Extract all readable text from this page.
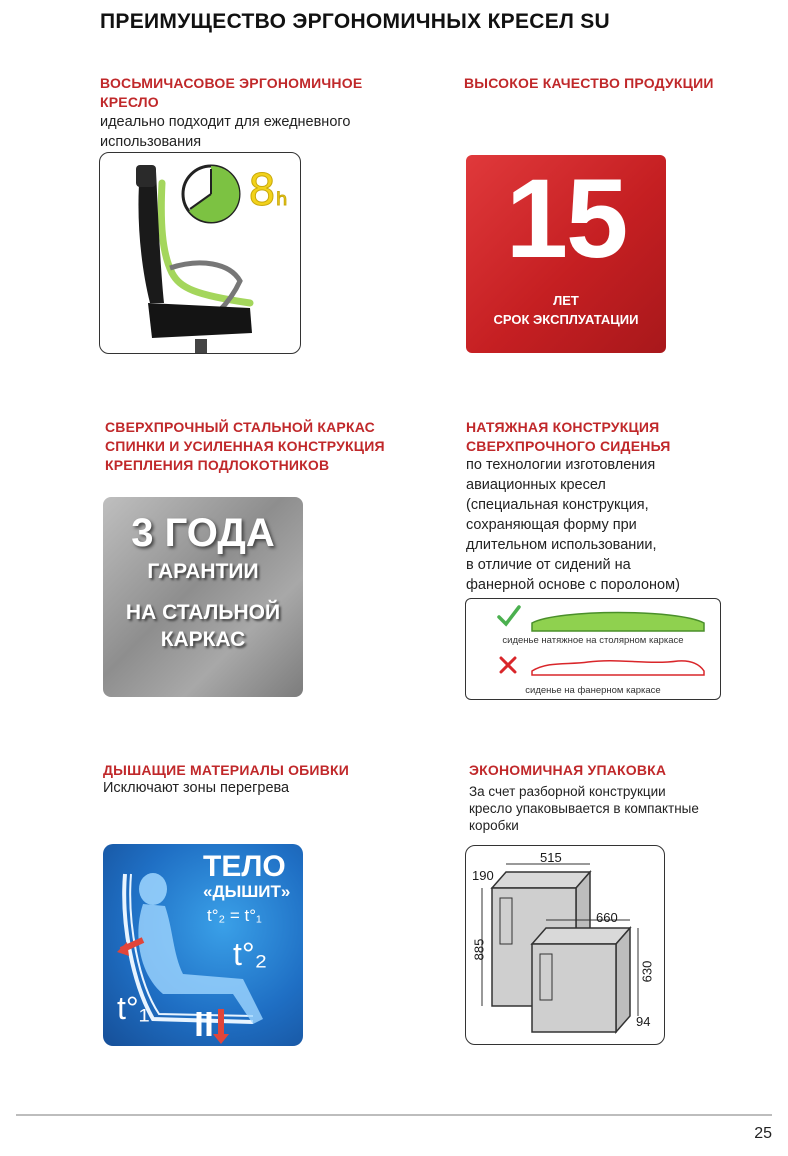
ПРЕИМУЩЕСТВО ЭРГОНОМИЧНЫХ КРЕСЕЛ SU
ВОСЬМИЧАСОВОЕ ЭРГОНОМИЧНОЕ
КРЕСЛО
идеально подходит для ежедневного
использования
8h
ВЫСОКОЕ КАЧЕСТВО ПРОДУКЦИИ
15
ЛЕТ
СРОК ЭКСПЛУАТАЦИИ
СВЕРХПРОЧНЫЙ СТАЛЬНОЙ КАРКАС
СПИНКИ И УСИЛЕННАЯ КОНСТРУКЦИЯ
КРЕПЛЕНИЯ ПОДЛОКОТНИКОВ
3 ГОДА
ГАРАНТИИ
НА СТАЛЬНОЙ
КАРКАС
НАТЯЖНАЯ КОНСТРУКЦИЯ
СВЕРХПРОЧНОГО СИДЕНЬЯ
по технологии изготовления
авиационных кресел
(специальная конструкция,
сохраняющая форму при
длительном использовании,
в отличие от сидений на
фанерной основе с поролоном)
сиденье натяжное на столярном каркасе
сиденье на фанерном каркасе
ДЫШАЩИЕ МАТЕРИАЛЫ ОБИВКИ
Исключают зоны перегрева
ТЕЛО
«ДЫШИТ»
t°₂ = t°₁
t°₂
t°₁
ЭКОНОМИЧНАЯ УПАКОВКА
За счет разборной конструкции
кресло упаковывается в компактные
коробки
515
190
885
660
630
94
25
